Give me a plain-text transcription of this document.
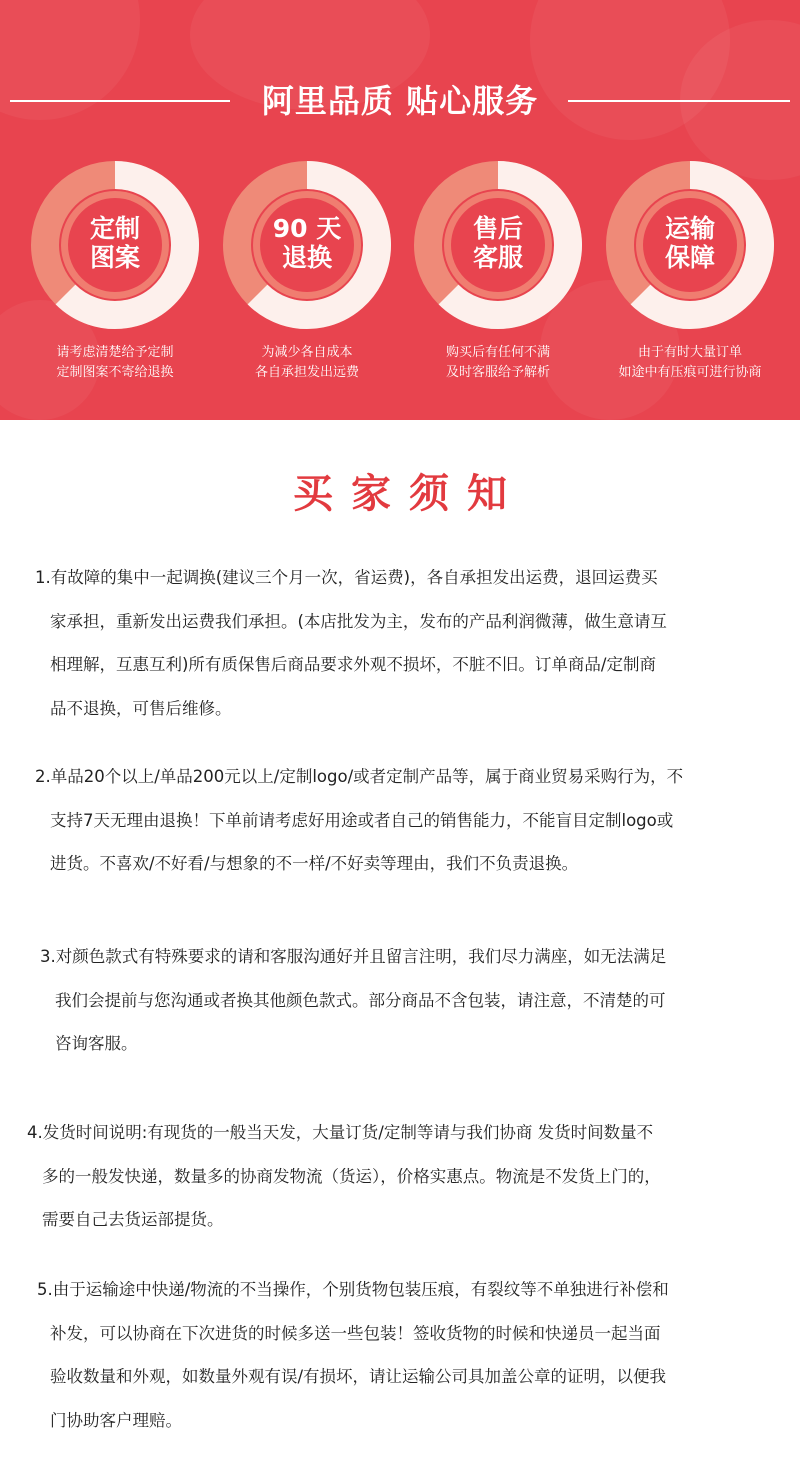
阿里品质 贴心服务
定制
图案
请考虑清楚给予定制
定制图案不寄给退换
90 天
退换
为减少各自成本
各自承担发出远费
售后
客服
购买后有任何不满
及时客服给予解析
运输
保障
由于有时大量订单
如途中有压痕可进行协商
买家须知
1.有故障的集中一起调换(建议三个月一次，省运费)，各自承担发出运费，退回运费买
家承担，重新发出运费我们承担。(本店批发为主，发布的产品利润微薄，做生意请互
相理解，互惠互利)所有质保售后商品要求外观不损坏，不脏不旧。订单商品/定制商
品不退换，可售后维修。
2.单品20个以上/单品200元以上/定制logo/或者定制产品等，属于商业贸易采购行为，不
支持7天无理由退换！下单前请考虑好用途或者自己的销售能力，不能盲目定制logo或
进货。不喜欢/不好看/与想象的不一样/不好卖等理由，我们不负责退换。
3.对颜色款式有特殊要求的请和客服沟通好并且留言注明，我们尽力满座，如无法满足
我们会提前与您沟通或者换其他颜色款式。部分商品不含包装，请注意，不清楚的可
咨询客服。
4.发货时间说明:有现货的一般当天发，大量订货/定制等请与我们协商 发货时间数量不
多的一般发快递，数量多的协商发物流（货运），价格实惠点。物流是不发货上门的，
需要自己去货运部提货。
5.由于运输途中快递/物流的不当操作，个别货物包装压痕，有裂纹等不单独进行补偿和
补发，可以协商在下次进货的时候多送一些包装！签收货物的时候和快递员一起当面
验收数量和外观，如数量外观有误/有损坏，请让运输公司具加盖公章的证明，以便我
门协助客户理赔。
